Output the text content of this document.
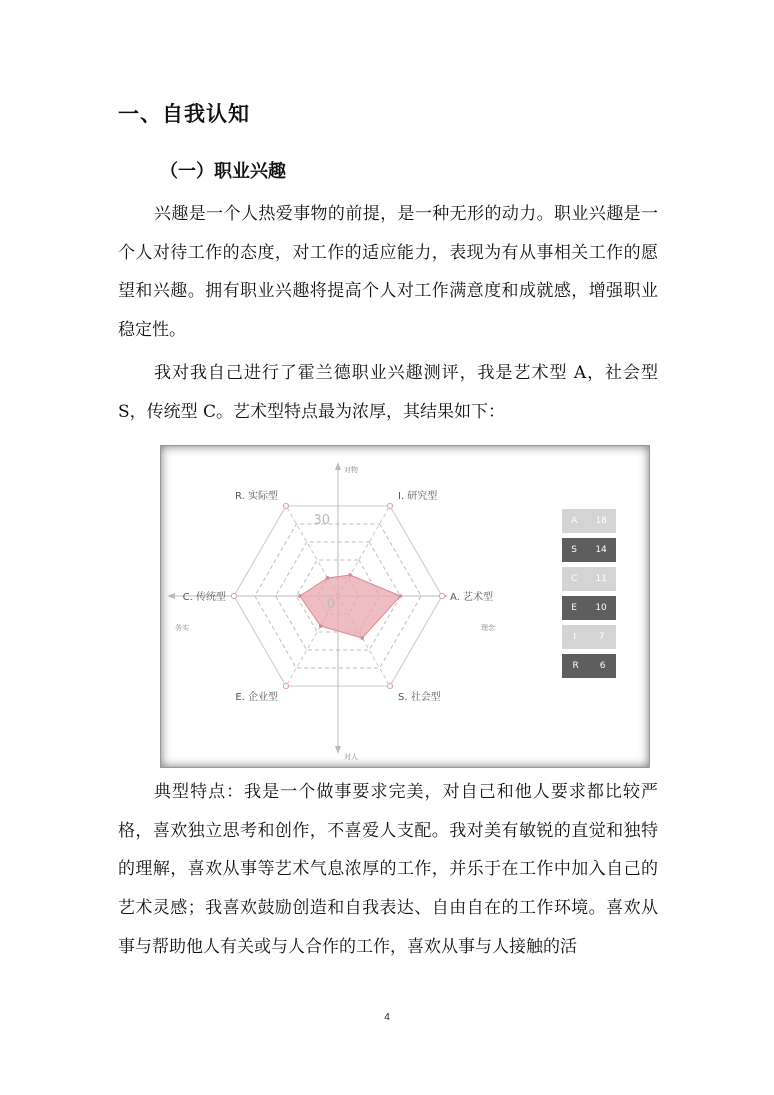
一、自我认知
（一）职业兴趣

兴趣是一个人热爱事物的前提，是一种无形的动力。职业兴趣是一个人对待工作的态度，对工作的适应能力，表现为有从事相关工作的愿望和兴趣。拥有职业兴趣将提高个人对工作满意度和成就感，增强职业稳定性。

我对我自己进行了霍兰德职业兴趣测评，我是艺术型 A，社会型 S，传统型 C。艺术型特点最为浓厚，其结果如下：

I. 研究型
A. 艺术型
S. 社会型
E. 企业型
C. 传统型
R. 实际型
30
0
对物
对人
务实	理念
A 18
S 14
C 11
E 10
I	7
R 6

典型特点：我是一个做事要求完美，对自己和他人要求都比较严格，喜欢独立思考和创作，不喜爱人支配。我对美有敏锐的直觉和独特的理解，喜欢从事等艺术气息浓厚的工作，并乐于在工作中加入自己的艺术灵感；我喜欢鼓励创造和自我表达、自由自在的工作环境。喜欢从事与帮助他人有关或与人合作的工作，喜欢从事与人接触的活

4
